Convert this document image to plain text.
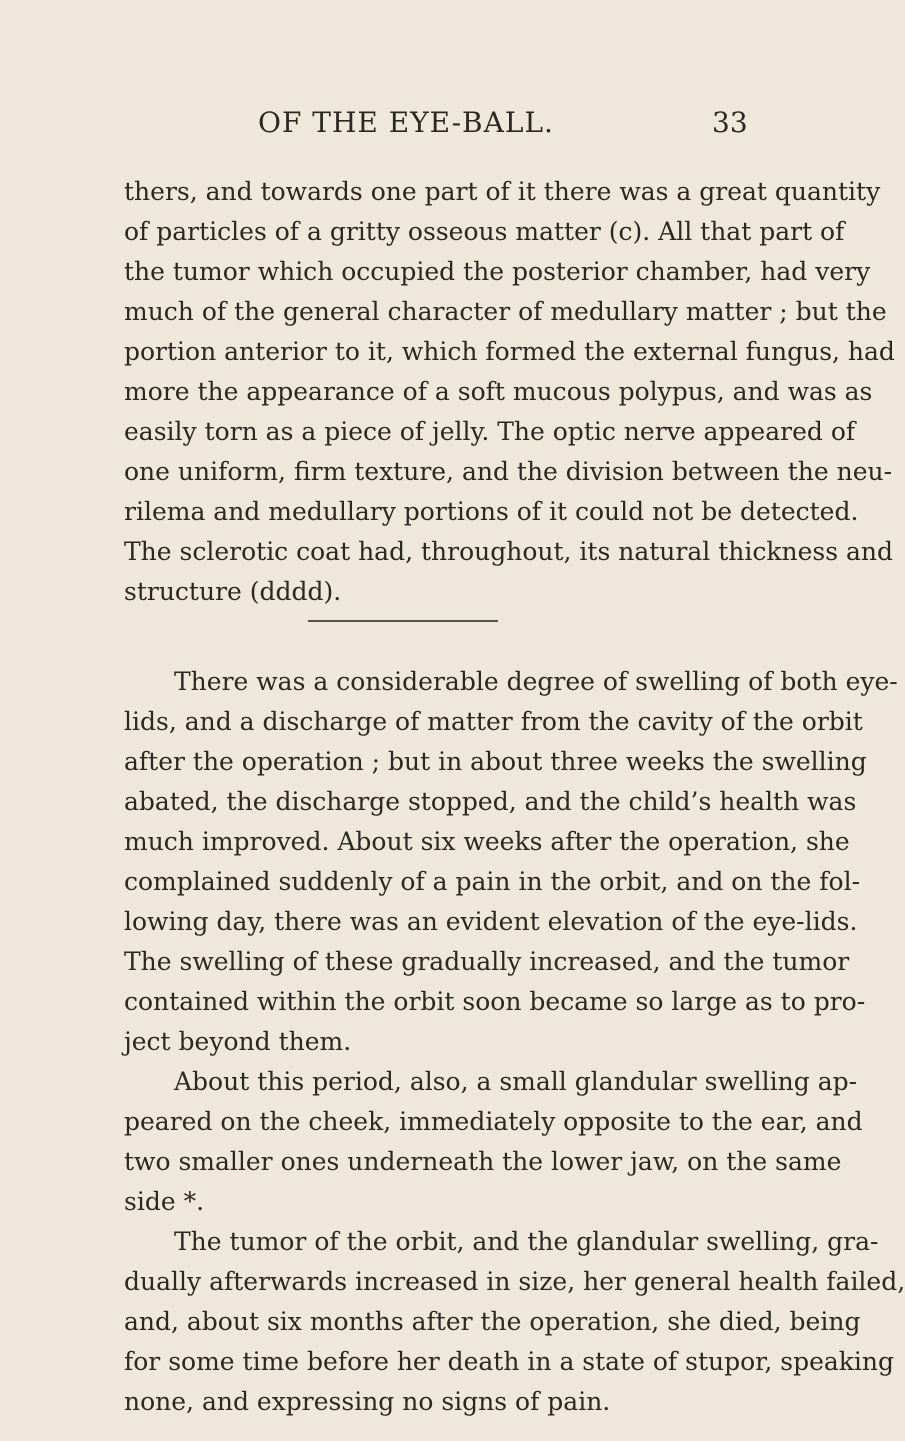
OF THE EYE-BALL.	33
thers, and towards one part of it there was a great quantity
of particles of a gritty osseous matter (c). All that part of
the tumor which occupied the posterior chamber, had very
much of the general character of medullary matter ; but the
portion anterior to it, which formed the external fungus, had
more the appearance of a soft mucous polypus, and was as
easily torn as a piece of jelly. The optic nerve appeared of
one uniform, firm texture, and the division between the neu-
rilema and medullary portions of it could not be detected.
The sclerotic coat had, throughout, its natural thickness and
structure (dddd).
There was a considerable degree of swelling of both eye-
lids, and a discharge of matter from the cavity of the orbit
after the operation ; but in about three weeks the swelling
abated, the discharge stopped, and the child’s health was
much improved. About six weeks after the operation, she
complained suddenly of a pain in the orbit, and on the fol-
lowing day, there was an evident elevation of the eye-lids.
The swelling of these gradually increased, and the tumor
contained within the orbit soon became so large as to pro-
ject beyond them.
About this period, also, a small glandular swelling ap-
peared on the cheek, immediately opposite to the ear, and
two smaller ones underneath the lower jaw, on the same
side *.
The tumor of the orbit, and the glandular swelling, gra-
dually afterwards increased in size, her general health failed,
and, about six months after the operation, she died, being
for some time before her death in a state of stupor, speaking
none, and expressing no signs of pain.
